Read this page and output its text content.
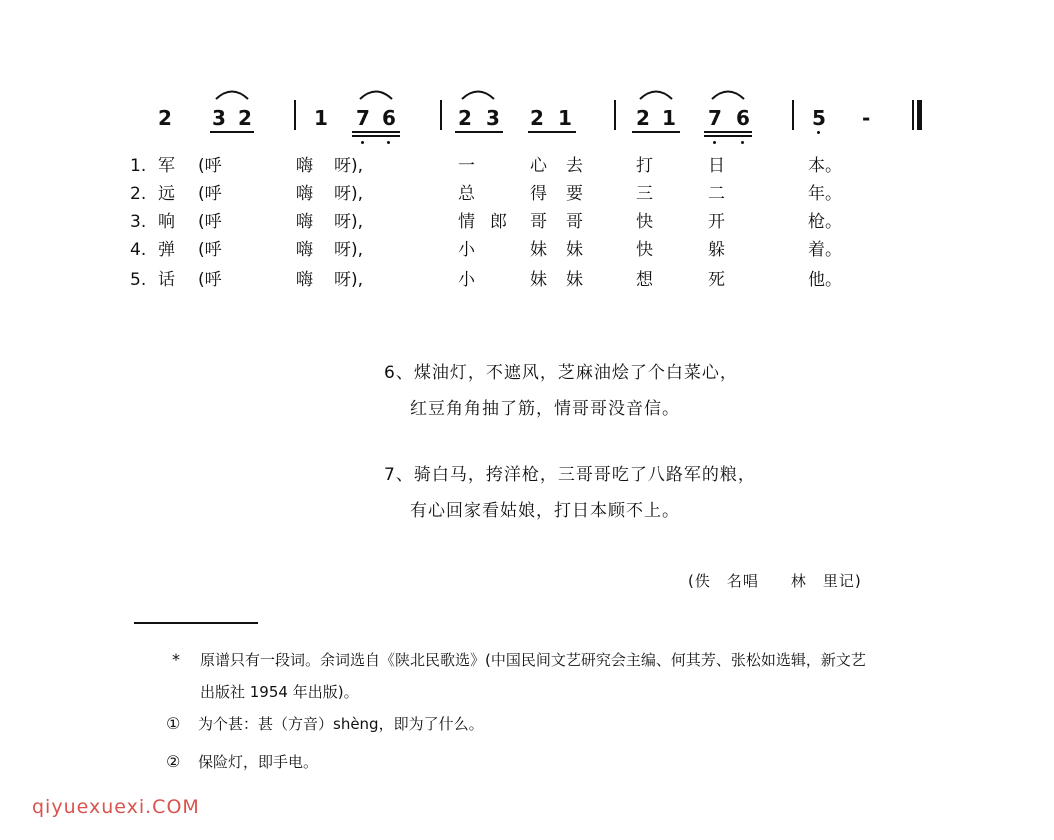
2 3 2	1 7 6	2 3 2 1	2 1 7 6	5 -
1. 军 (呼	嗨 呀),	一	心 去	打	日	本。
2. 远 (呼	嗨 呀),	总	得 要	三	二	年。
3. 响 (呼	嗨 呀),	情 郎 哥 哥	快	开	枪。
4. 弹 (呼	嗨 呀),	小	妹 妹	快	躲	着。
5. 话 (呼	嗨 呀),	小	妹 妹	想	死	他。
6、煤油灯，不遮风，芝麻油烩了个白菜心，
红豆角角抽了筋，情哥哥没音信。
7、骑白马，挎洋枪，三哥哥吃了八路军的粮，
有心回家看姑娘，打日本顾不上。
(佚　名唱　　林　里记)
* 原谱只有一段词。余词选自《陕北民歌选》(中国民间文艺研究会主编、何其芳、张松如选辑，新文艺
出版社 1954 年出版)。
① 为个甚：甚（方音）shèng，即为了什么。
② 保险灯，即手电。
qiyuexuexi.COM
